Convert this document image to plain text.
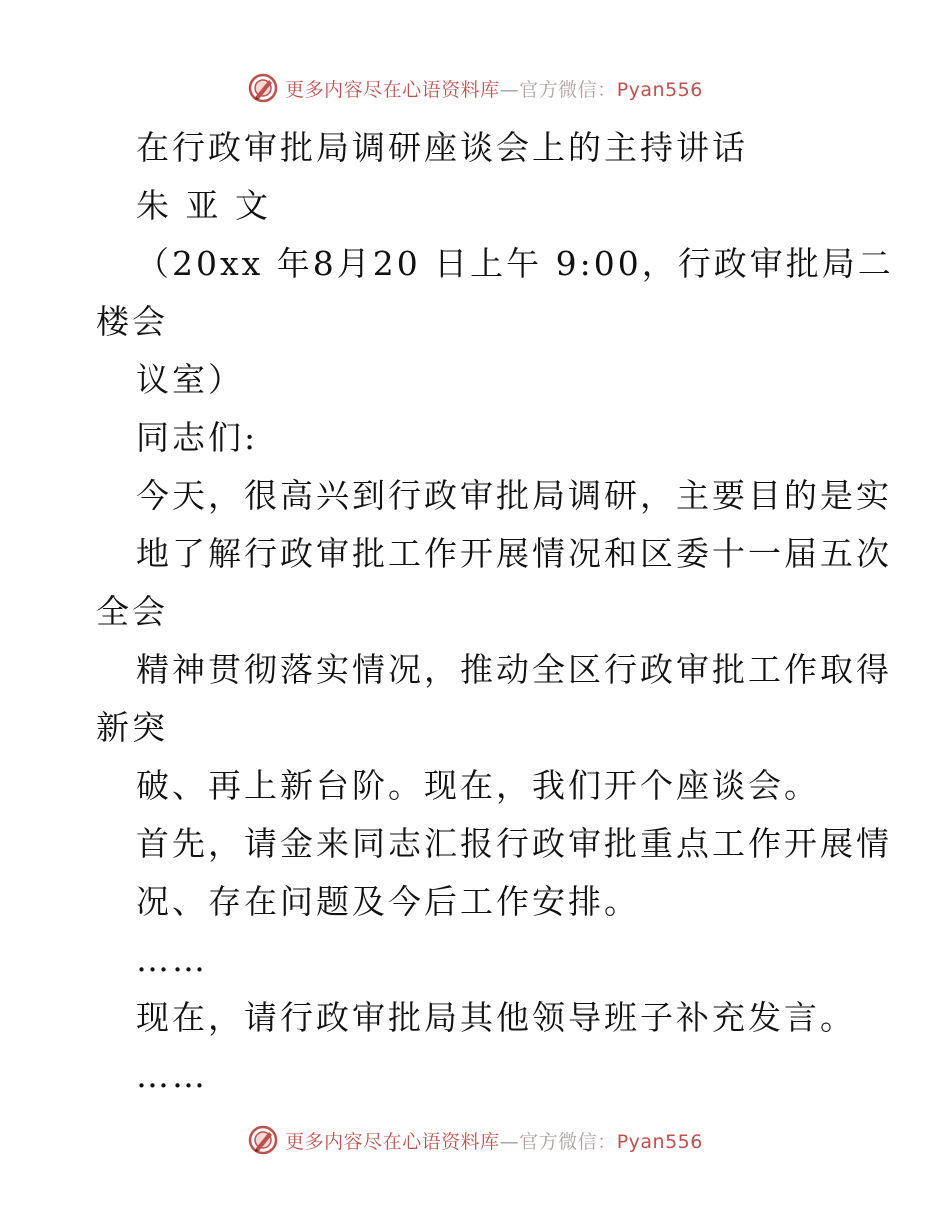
更多内容尽在心语资料库—官方微信：Pyan556
在行政审批局调研座谈会上的主持讲话
朱 亚 文
（20xx 年8月20 日上午 9:00，行政审批局二
楼会
议室）
同志们:
今天，很高兴到行政审批局调研，主要目的是实
地了解行政审批工作开展情况和区委十一届五次
全会
精神贯彻落实情况，推动全区行政审批工作取得
新突
破、再上新台阶。现在，我们开个座谈会。
首先，请金来同志汇报行政审批重点工作开展情
况、存在问题及今后工作安排。
……
现在，请行政审批局其他领导班子补充发言。
……
更多内容尽在心语资料库—官方微信：Pyan556
